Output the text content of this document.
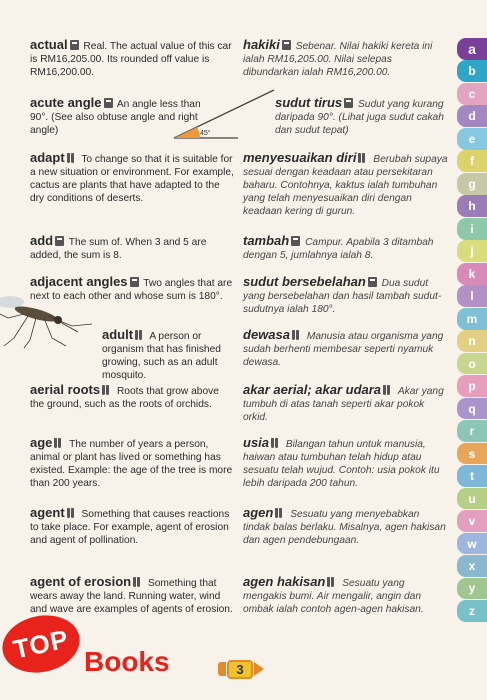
actual Real. The actual value of this car is RM16,205.00. Its rounded off value is RM16,200.00.
acute angle An angle less than 90°. (See also obtuse angle and right angle)
adapt To change so that it is suitable for a new situation or environment. For example, cactus are plants that have adapted to the dry conditions of deserts.
add The sum of. When 3 and 5 are added, the sum is 8.
adjacent angles Two angles that are next to each other and whose sum is 180°.
adult A person or organism that has finished growing, such as an adult mosquito.
aerial roots Roots that grow above the ground, such as the roots of orchids.
age The number of years a person, animal or plant has lived or something has existed. Example: the age of the tree is more than 200 years.
agent Something that causes reactions to take place. For example, agent of erosion and agent of pollination.
agent of erosion Something that wears away the land. Running water, wind and wave are examples of agents of erosion.
45°
hakiki Sebenar. Nilai hakiki kereta ini ialah RM16,205.00. Nilai selepas dibundarkan ialah RM16,200.00.
sudut tirus Sudut yang kurang daripada 90°. (Lihat juga sudut cakah dan sudut tepat)
menyesuaikan diri Berubah supaya sesuai dengan keadaan atau persekitaran baharu. Contohnya, kaktus ialah tumbuhan yang telah menyesuaikan diri dengan keadaan kering di gurun.
tambah Campur. Apabila 3 ditambah dengan 5, jumlahnya ialah 8.
sudut bersebelahan Dua sudut yang bersebelahan dan hasil tambah sudut-sudutnya ialah 180°.
dewasa Manusia atau organisma yang sudah berhenti membesar seperti nyamuk dewasa.
akar aerial; akar udara Akar yang tumbuh di atas tanah seperti akar pokok orkid.
usia Bilangan tahun untuk manusia, haiwan atau tumbuhan telah hidup atau sesuatu telah wujud. Contoh: usia pokok itu lebih daripada 200 tahun.
agen Sesuatu yang menyebabkan tindak balas berlaku. Misalnya, agen hakisan dan agen pendebungaan.
agen hakisan Sesuatu yang mengakis bumi. Air mengalir, angin dan ombak ialah contoh agen-agen hakisan.
a
b
c
d
e
f
g
h
i
j
k
l
m
n
o
p
q
r
s
t
u
v
w
x
y
z
3
TOP Books
